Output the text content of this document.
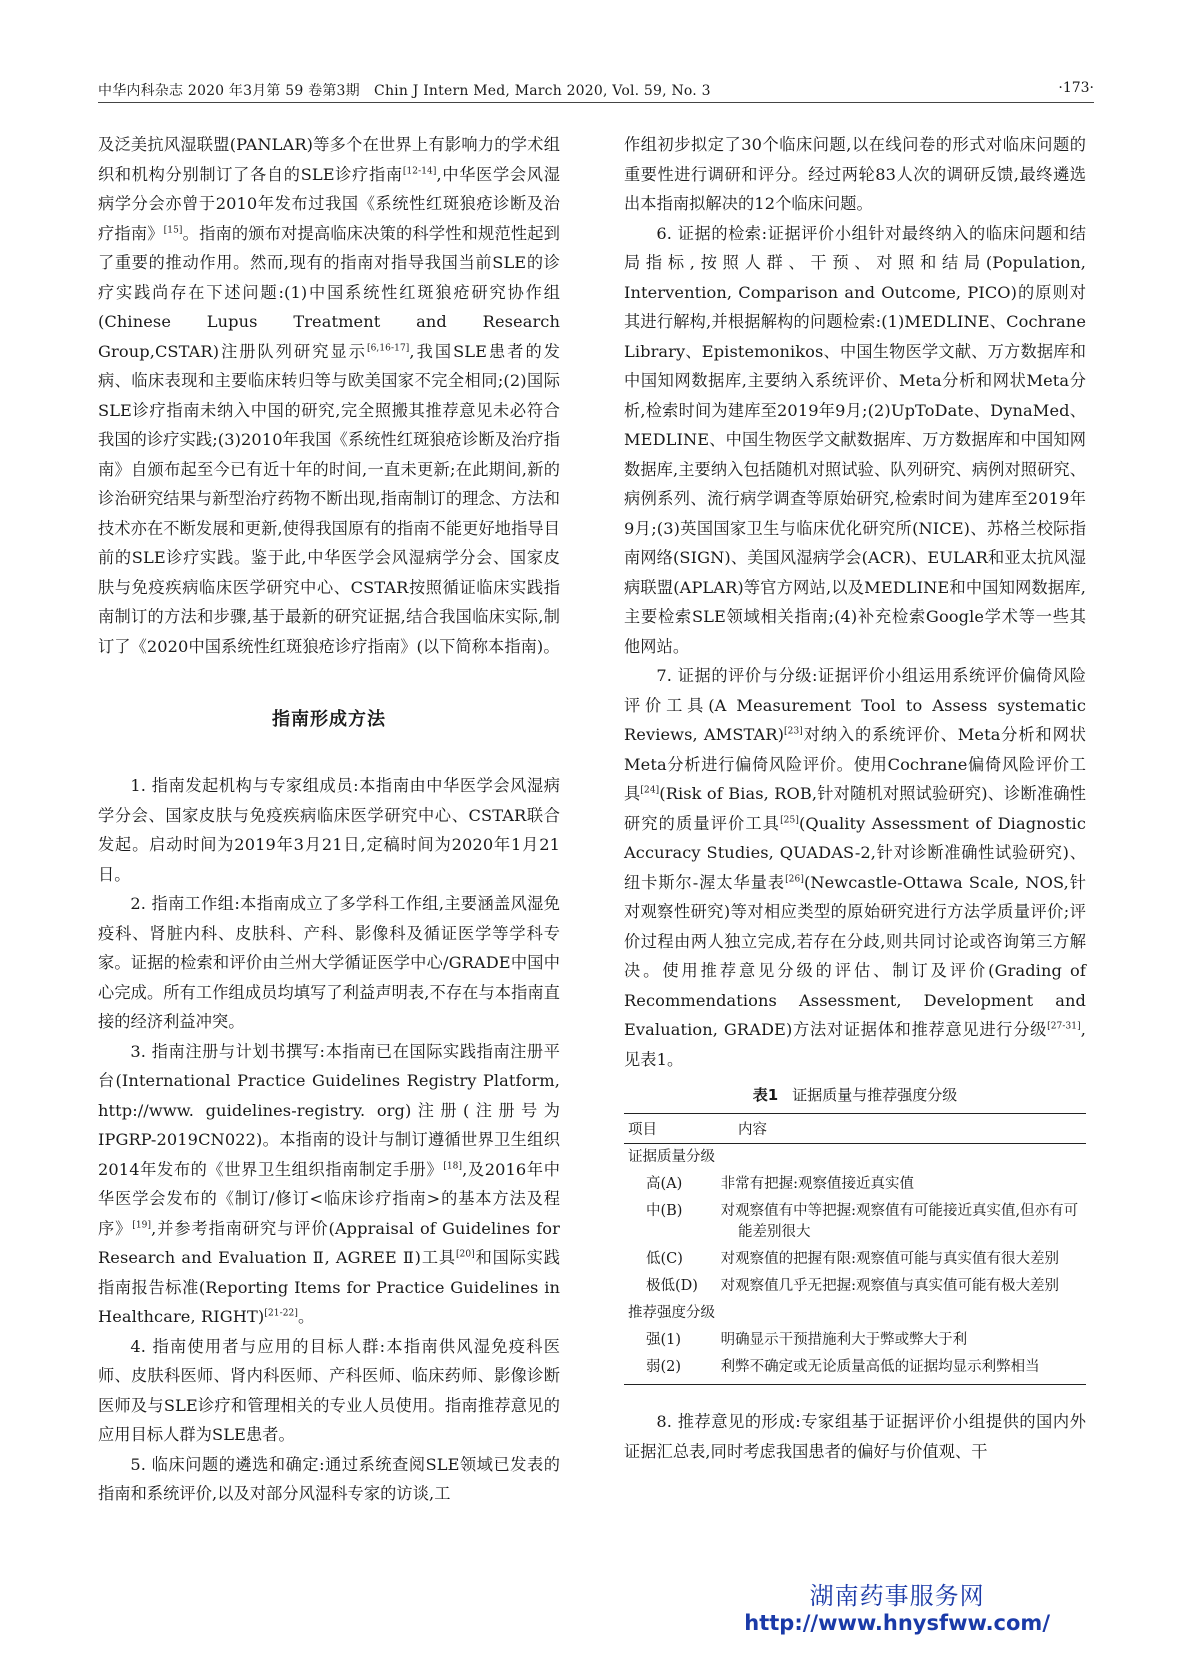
中华内科杂志 2020 年3月第 59 卷第3期　Chin J Intern Med, March 2020, Vol. 59, No. 3	·173·

及泛美抗风湿联盟(PANLAR)等多个在世界上有影响力的学术组织和机构分别制订了各自的SLE诊疗指南[12-14],中华医学会风湿病学分会亦曾于2010年发布过我国《系统性红斑狼疮诊断及治疗指南》[15]。指南的颁布对提高临床决策的科学性和规范性起到了重要的推动作用。然而,现有的指南对指导我国当前SLE的诊疗实践尚存在下述问题:(1)中国系统性红斑狼疮研究协作组(Chinese Lupus Treatment and Research Group,CSTAR)注册队列研究显示[6,16-17],我国SLE患者的发病、临床表现和主要临床转归等与欧美国家不完全相同;(2)国际SLE诊疗指南未纳入中国的研究,完全照搬其推荐意见未必符合我国的诊疗实践;(3)2010年我国《系统性红斑狼疮诊断及治疗指南》自颁布起至今已有近十年的时间,一直未更新;在此期间,新的诊治研究结果与新型治疗药物不断出现,指南制订的理念、方法和技术亦在不断发展和更新,使得我国原有的指南不能更好地指导目前的SLE诊疗实践。鉴于此,中华医学会风湿病学分会、国家皮肤与免疫疾病临床医学研究中心、CSTAR按照循证临床实践指南制订的方法和步骤,基于最新的研究证据,结合我国临床实际,制订了《2020中国系统性红斑狼疮诊疗指南》(以下简称本指南)。

指南形成方法

1. 指南发起机构与专家组成员:本指南由中华医学会风湿病学分会、国家皮肤与免疫疾病临床医学研究中心、CSTAR联合发起。启动时间为2019年3月21日,定稿时间为2020年1月21日。

2. 指南工作组:本指南成立了多学科工作组,主要涵盖风湿免疫科、肾脏内科、皮肤科、产科、影像科及循证医学等学科专家。证据的检索和评价由兰州大学循证医学中心/GRADE中国中心完成。所有工作组成员均填写了利益声明表,不存在与本指南直接的经济利益冲突。

3. 指南注册与计划书撰写:本指南已在国际实践指南注册平台(International Practice Guidelines Registry Platform, http://www. guidelines-registry. org)注册(注册号为IPGRP-2019CN022)。本指南的设计与制订遵循世界卫生组织2014年发布的《世界卫生组织指南制定手册》[18],及2016年中华医学会发布的《制订/修订<临床诊疗指南>的基本方法及程序》[19],并参考指南研究与评价(Appraisal of Guidelines for Research and Evaluation Ⅱ, AGREE Ⅱ)工具[20]和国际实践指南报告标准(Reporting Items for Practice Guidelines in Healthcare, RIGHT)[21-22]。

4. 指南使用者与应用的目标人群:本指南供风湿免疫科医师、皮肤科医师、肾内科医师、产科医师、临床药师、影像诊断医师及与SLE诊疗和管理相关的专业人员使用。指南推荐意见的应用目标人群为SLE患者。

5. 临床问题的遴选和确定:通过系统查阅SLE领域已发表的指南和系统评价,以及对部分风湿科专家的访谈,工

作组初步拟定了30个临床问题,以在线问卷的形式对临床问题的重要性进行调研和评分。经过两轮83人次的调研反馈,最终遴选出本指南拟解决的12个临床问题。

6. 证据的检索:证据评价小组针对最终纳入的临床问题和结局指标,按照人群、干预、对照和结局(Population, Intervention, Comparison and Outcome, PICO)的原则对其进行解构,并根据解构的问题检索:(1)MEDLINE、Cochrane Library、Epistemonikos、中国生物医学文献、万方数据库和中国知网数据库,主要纳入系统评价、Meta分析和网状Meta分析,检索时间为建库至2019年9月;(2)UpToDate、DynaMed、MEDLINE、中国生物医学文献数据库、万方数据库和中国知网数据库,主要纳入包括随机对照试验、队列研究、病例对照研究、病例系列、流行病学调查等原始研究,检索时间为建库至2019年9月;(3)英国国家卫生与临床优化研究所(NICE)、苏格兰校际指南网络(SIGN)、美国风湿病学会(ACR)、EULAR和亚太抗风湿病联盟(APLAR)等官方网站,以及MEDLINE和中国知网数据库,主要检索SLE领域相关指南;(4)补充检索Google学术等一些其他网站。

7. 证据的评价与分级:证据评价小组运用系统评价偏倚风险评价工具(A Measurement Tool to Assess systematic Reviews, AMSTAR)[23]对纳入的系统评价、Meta分析和网状Meta分析进行偏倚风险评价。使用Cochrane偏倚风险评价工具[24](Risk of Bias, ROB,针对随机对照试验研究)、诊断准确性研究的质量评价工具[25](Quality Assessment of Diagnostic Accuracy Studies, QUADAS-2,针对诊断准确性试验研究)、纽卡斯尔-渥太华量表[26](Newcastle-Ottawa Scale, NOS,针对观察性研究)等对相应类型的原始研究进行方法学质量评价;评价过程由两人独立完成,若存在分歧,则共同讨论或咨询第三方解决。使用推荐意见分级的评估、制订及评价(Grading of Recommendations Assessment, Development and Evaluation, GRADE)方法对证据体和推荐意见进行分级[27-31],见表1。

表1 证据质量与推荐强度分级
项目	内容
证据质量分级	
高(A)	非常有把握:观察值接近真实值
中(B)	对观察值有中等把握:观察值有可能接近真实值,但亦有可能差别很大
低(C)	对观察值的把握有限:观察值可能与真实值有很大差别
极低(D)	对观察值几乎无把握:观察值与真实值可能有极大差别
推荐强度分级	
强(1)	明确显示干预措施利大于弊或弊大于利
弱(2)	利弊不确定或无论质量高低的证据均显示利弊相当

8. 推荐意见的形成:专家组基于证据评价小组提供的国内外证据汇总表,同时考虑我国患者的偏好与价值观、干

湖南药事服务网
http://www.hnysfww.com/
